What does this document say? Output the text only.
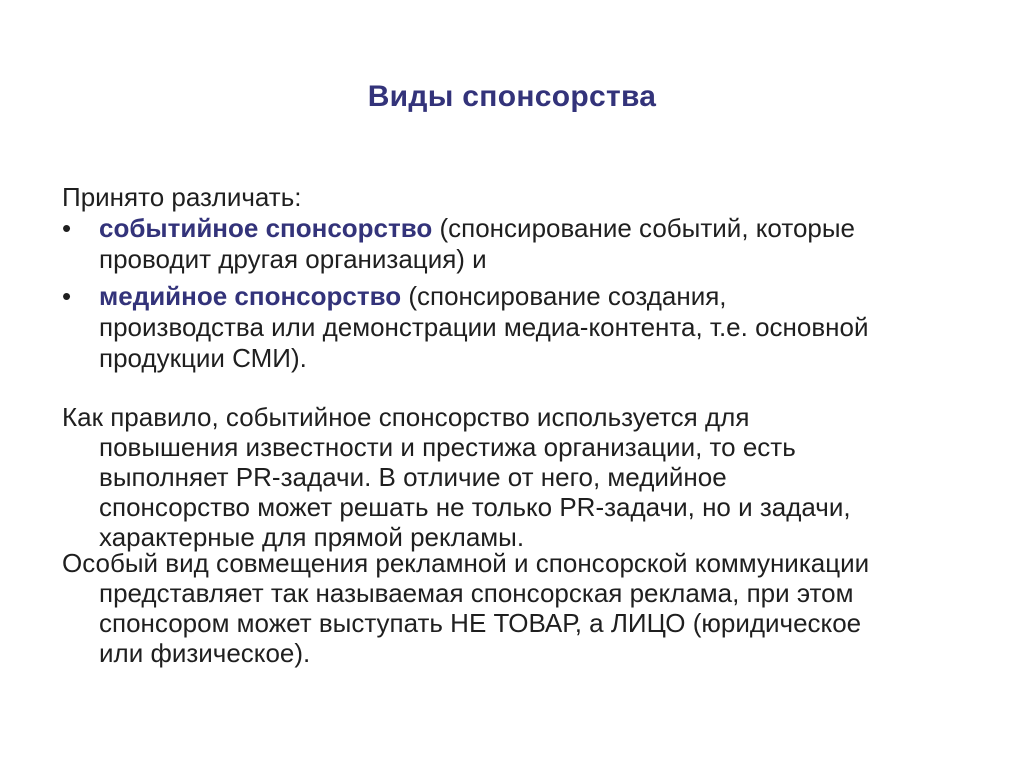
Виды спонсорства
Принято различать:
•	событийное спонсорство (спонсирование событий, которые
проводит другая организация) и
•	медийное спонсорство (спонсирование создания,
производства или демонстрации медиа-контента, т.е. основной
продукции СМИ).
Как правило, событийное спонсорство используется для
повышения известности и престижа организации, то есть
выполняет PR-задачи. В отличие от него, медийное
спонсорство может решать не только PR-задачи, но и задачи,
характерные для прямой рекламы.
Особый вид совмещения рекламной и спонсорской коммуникации
представляет так называемая спонсорская реклама, при этом
спонсором может выступать НЕ ТОВАР, а ЛИЦО (юридическое
или физическое).
